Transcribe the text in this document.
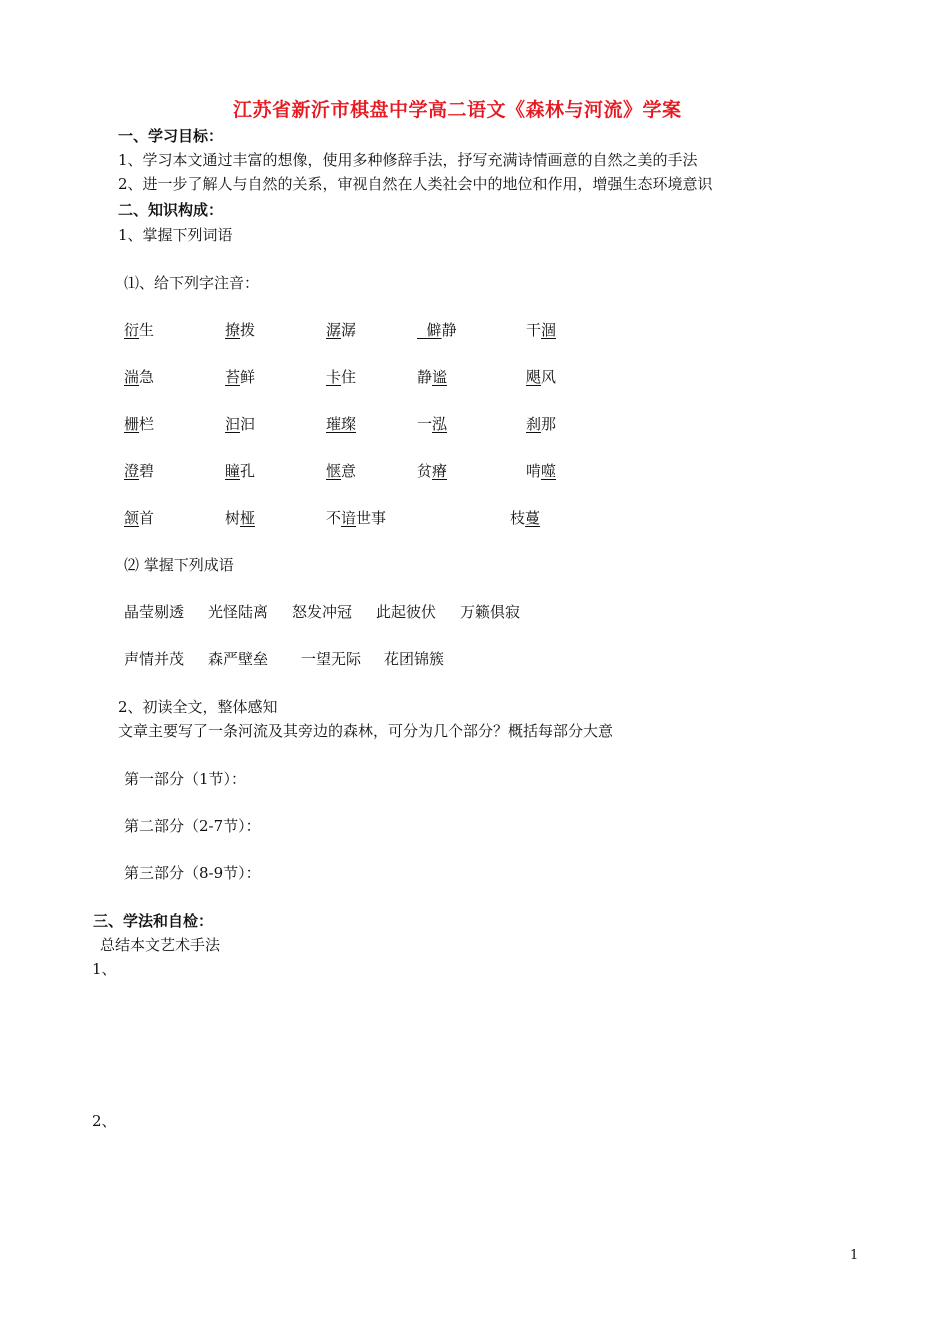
江苏省新沂市棋盘中学高二语文《森林与河流》学案
一、学习目标：
1、学习本文通过丰富的想像，使用多种修辞手法，抒写充满诗情画意的自然之美的手法
2、进一步了解人与自然的关系，审视自然在人类社会中的地位和作用，增强生态环境意识
二、知识构成：
1、掌握下列词语
⑴、给下列字注音：
衍生	撩拨	潺潺	僻静	干涸
湍急	苔鲜	卡住	静谧	飓风
栅栏	汩汩	璀璨	一泓	刹那
澄碧	瞳孔	惬意	贫瘠	啃噬
颔首	树桠	不谙世事	枝蔓
⑵ 掌握下列成语
晶莹剔透 光怪陆离 怒发冲冠 此起彼伏 万籁俱寂
声情并茂 森严壁垒 一望无际 花团锦簇
2、初读全文，整体感知
文章主要写了一条河流及其旁边的森林，可分为几个部分？概括每部分大意
第一部分（1节）：
第二部分（2-7节）：
第三部分（8-9节）：
三、学法和自检：
总结本文艺术手法
1、
2、
1
